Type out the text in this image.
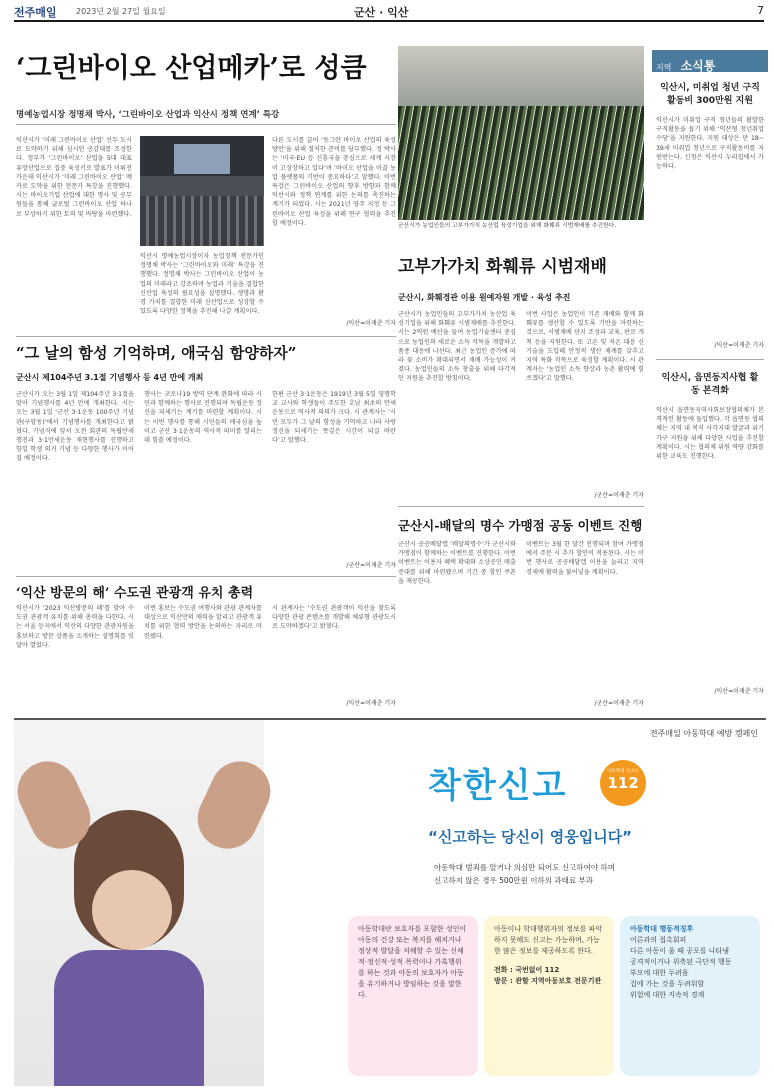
전주매일 2023년 2월 27일 월요일	군산 · 익산	7
‘그린바이오 산업메카’로 성큼
명예농업시장 정명채 박사, ‘그린바이오 산업과 익산시 정책 연계’ 특강
익산시가 ‘미래 그린바이오 산업’ 선두 도시로 도약하기 위해 심시인 공감대를 조성한다. 정부가 ‘그린바이오’ 산업을 5대 대표 유망산업으로 집중 육성키로 발표가 이뤄진 가운데 익산시가 ‘미래 그린바이오 산업’ 메카로 도약을 위한 전문가 특강을 진행했다. 시는 바이오기업 산업에 대한 명사 및 공무원들을 통해 글로벌 그린바이오 산업 하나로 부상하기 위한 토의 및 바탕을 마련했다.
익산시 명예농업시장이자 농업정책 전문가인 정명채 박사는 ‘그린바이오와 미래’ 특강을 진행했다. 정명채 박사는 그린바이오 산업이 농업의 미래라고 강조하며 농업과 기술을 결합한 신산업 육성의 필요성을 설명했다. 생명과 환경 가치를 결합한 미래 신산업으로 성장할 수 있도록 다양한 정책을 추진해 나갈 계획이다.
다른 도시를 끌어 ‘동그란 바이오 산업의 육성방안’을 위해 철저한 준비를 당부했다. 정 박사는 ‘미국·EU 등 신흥국을 중심으로 세계 시장이 고성장하고 있다’며 ‘바이오 산업을 이끌 농업 플랫폼의 기반이 중요하다’고 말했다. 이번 특강은 그린바이오 산업의 향후 방향과 함께 익산시와 정책 연계를 위한 논의를 촉진하는 계기가 되었다. 시는 2021년 영주 지정 등 그린바이오 산업 육성을 위해 연구 협력을 추진할 예정이다.
/익산=이재춘 기자
군산시가 농업인들의 고부가가치 농산업 육성기업을 위해 화훼류 시범재배를 추진한다.
고부가가치 화훼류 시범재배
군산시, 화훼경관 이용 원예자원 개발 · 육성 추진
군산시가 농업인들의 고부가가치 농산업 육성기업을 위해 화훼류 시범재배를 추진한다. 시는 2억원 예산을 들여 농업기술센터 중심으로 농업인의 새로운 소득 작목을 개발하고 품종 대응에 나선다. 최근 농업인 증가에 따라 꽃 소비가 확대되면서 재배 가능성이 커졌다. 농업인들의 소득 창출을 위해 다각적인 지원을 추진할 방침이다.
이번 사업은 농업인이 기존 재배와 함께 화훼류를 생산할 수 있도록 기반을 마련하는 것으로, 시범재배 단지 조성과 교육, 판로 개척 등을 지원한다. 또 고온 및 저온 대응 신기술을 도입해 안정적 생산 체계를 갖추고 지역 특화 작목으로 육성할 계획이다. 시 관계자는 ‘농업인 소득 향상과 농촌 활력에 힘쓰겠다’고 말했다.
/군산=이재춘 기자
“그 날의 함성 기억하며, 애국심 함양하자”
군산시 제104주년 3.1절 기념행사 등 4년 만에 개최
군산시가 오는 3월 1일 제104주년 3·1절을 맞아 기념행사를 4년 만에 개최한다. 시는 오는 3월 1일 ‘군산 3·1운동 100주년 기념관(구암동)’에서 기념행사를 개최한다고 밝혔다. 기념식에 앞서 오전 회관의 독립만세 행진과 3·1만세운동 재현행사를 진행하고 항일 학생 의거 기념 등 다양한 행사가 이어질 예정이다.
행사는 코로나19 방역 단계 완화에 따라 시민과 함께하는 행사로 진행되며 독립운동 정신을 되새기는 계기를 마련할 계획이다. 시는 이번 행사를 통해 시민들의 애국심을 높이고 군산 3·1운동의 역사적 의미를 알리는 데 힘쓸 예정이다.
한편 군산 3·1운동은 1919년 3월 5일 영명학교 교사와 학생들이 주도한 호남 최초의 만세운동으로 역사적 의의가 크다. 시 관계자는 ‘시민 모두가 그 날의 함성을 기억하고 나라 사랑 정신을 되새기는 뜻깊은 시간이 되길 바란다’고 말했다.
/군산=이재춘 기자
군산시-배달의 명수 가맹점 공동 이벤트 진행
군산시 공공배달앱 ‘배달의명수’가 군산시와 가맹점이 함께하는 이벤트를 진행한다. 이번 이벤트는 이용자 혜택 확대와 소상공인 매출 증대를 위해 마련됐으며 기간 중 할인 쿠폰을 제공한다.
이벤트는 3월 한 달간 진행되며 참여 가맹점에서 주문 시 추가 할인이 적용된다. 시는 이번 행사로 공공배달앱 이용을 늘리고 지역 경제에 활력을 불어넣을 계획이다.
/군산=이재춘 기자
‘익산 방문의 해’ 수도권 관광객 유치 총력
익산시가 ‘2023 익산방문의 해’를 맞아 수도권 관광객 유치를 위해 총력을 다한다. 시는 서울 등지에서 익산의 다양한 관광자원을 홍보하고 방문 상품을 소개하는 설명회를 잇달아 열었다.
이번 홍보는 수도권 여행사와 관광 관계자를 대상으로 익산만의 매력을 알리고 관광객 유치를 위한 협력 방안을 논의하는 자리로 마련됐다.
시 관계자는 ‘수도권 관광객이 익산을 찾도록 다양한 관광 콘텐츠를 개발해 체류형 관광도시로 도약하겠다’고 밝혔다.
/익산=이재춘 기자
$_{지역}$ $_{소식통}$
익산시, 미취업 청년 구직 활동비 300만원 지원
익산시가 미취업 구직 청년들의 활발한 구직활동을 돕기 위해 ‘익산형 청년취업수당’을 지원한다. 지원 대상은 만 18~39세 미취업 청년으로 구직활동비를 지원받는다. 신청은 익산시 누리집에서 가능하다.
/익산=이재춘 기자
익산시, 읍면동지사협 활동 본격화
익산시 읍면동지역사회보장협의체가 본격적인 활동에 돌입했다. 각 읍면동 협의체는 지역 내 복지 사각지대 발굴과 위기가구 지원을 위해 다양한 사업을 추진할 계획이다. 시는 협의체 위원 역량 강화를 위한 교육도 진행한다.
/익산=이재춘 기자
전주매일 아동학대 예방 캠페인
착한신고	아동학대 신고는
112
“신고하는 당신이 영웅입니다”
아동학대 범죄를 알거나 의심만 되어도 신고하여야 하며
신고하지 않은 경우 500만원 이하의 과태료 부과
아동학대란 보호자를 포함한 성인이 아동의 건강 또는 복지를 해치거나 정상적 발달을 저해할 수 있는 신체적·정신적·성적 폭력이나 가혹행위를 하는 것과 아동의 보호자가 아동을 유기하거나 방임하는 것을 말한다.
아동이나 학대행위자의 정보를 파악하지 못해도 신고는 가능하며, 가능한 많은 정보를 제공하도록 한다.
전화 : 국번없이 112
방문 : 관할 지역아동보호 전문기관
아동학대 행동적징후
어른과의 접촉회피
다른 아동이 울 때 공포를 나타냄
공격적이거나 위축된 극단적 행동
부모에 대한 두려움
집에 가는 것을 두려워함
위험에 대한 지속적 경계
